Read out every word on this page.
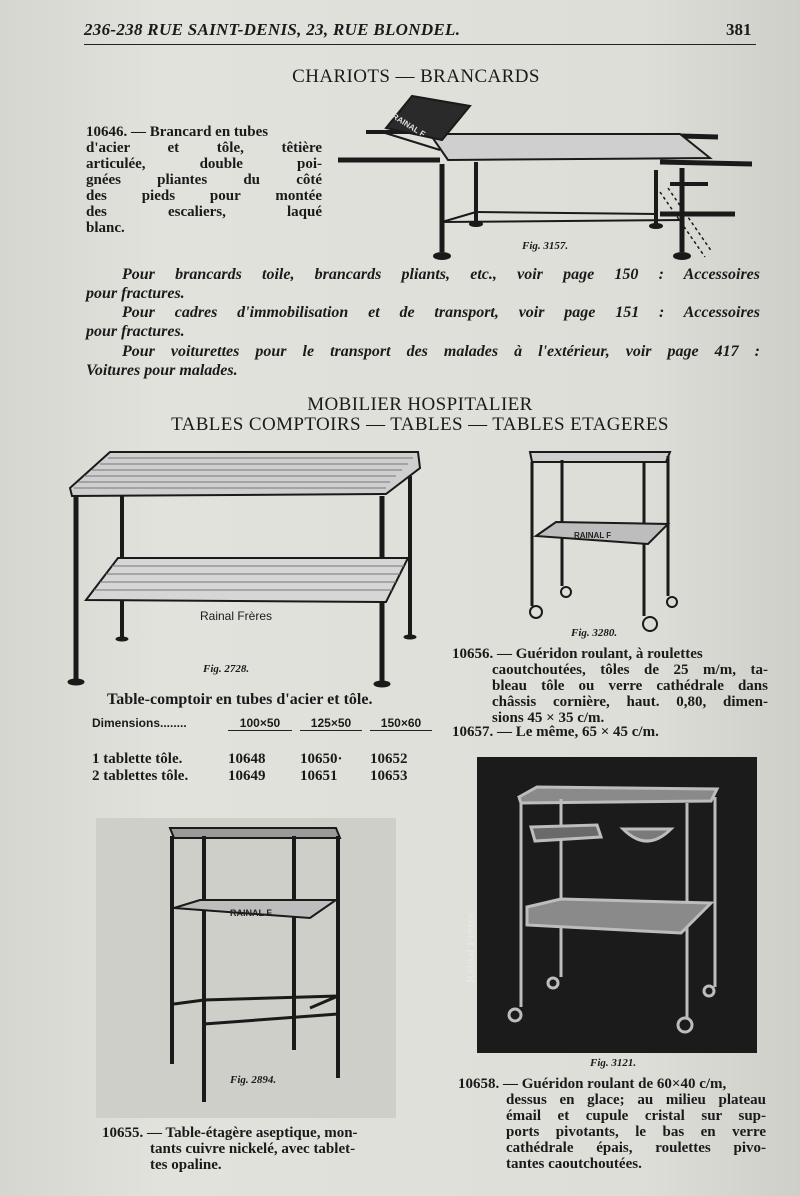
236-238 RUE SAINT-DENIS, 23, RUE BLONDEL.	381
CHARIOTS — BRANCARDS
10646. — Brancard en tubes
d'acier et tôle, têtière
articulée, double poi-
gnées pliantes du côté
des pieds pour montée
des escaliers, laqué
blanc.
RAINAL F
Fig. 3157.
Pour brancards toile, brancards pliants, etc., voir page 150 : Accessoires
pour fractures.
Pour cadres d'immobilisation et de transport, voir page 151 : Accessoires
pour fractures.
Pour voiturettes pour le transport des malades à l'extérieur, voir page 417 :
Voitures pour malades.
MOBILIER HOSPITALIER
TABLES COMPTOIRS — TABLES — TABLES ETAGERES
Rainal Frères
Fig. 2728.
Table-comptoir en tubes d'acier et tôle.
Dimensions........	100×50	125×50	150×60
1 tablette tôle.	10648	10650·	10652
2 tablettes tôle.	10649	10651	10653
RAINAL F
Fig. 3280.
10656. — Guéridon roulant, à roulettes
caoutchoutées, tôles de 25 m/m, ta-
bleau tôle ou verre cathédrale dans
châssis cornière, haut. 0,80, dimen-
sions 45 × 35 c/m.
10657. — Le même, 65 × 45 c/m.
RAINAL F
Fig. 2894.
10655. — Table-étagère aseptique, mon-
tants cuivre nickelé, avec tablet-
tes opaline.
Rainal Frères
Fig. 3121.
10658. — Guéridon roulant de 60×40 c/m,
dessus en glace; au milieu plateau
émail et cupule cristal sur sup-
ports pivotants, le bas en verre
cathédrale épais, roulettes pivo-
tantes caoutchoutées.
